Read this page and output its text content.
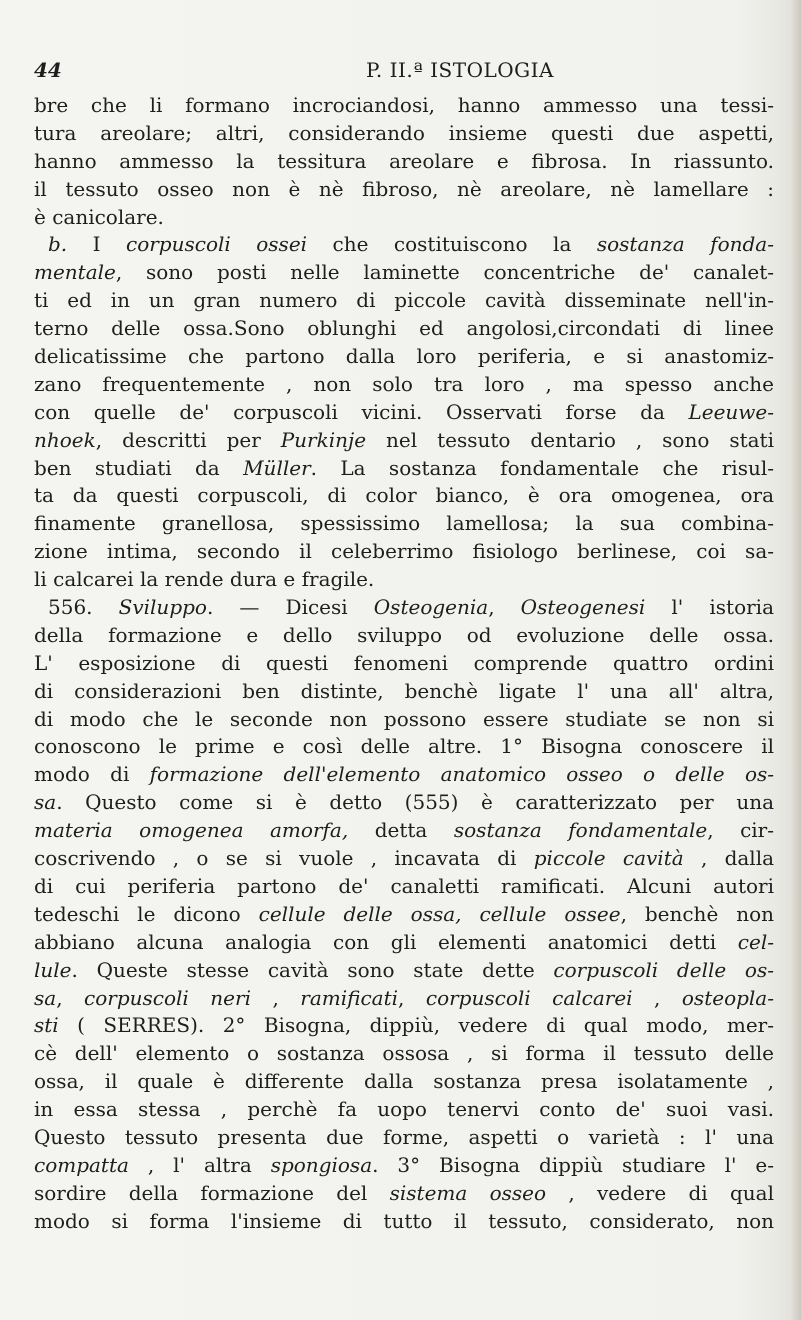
44	P. II.ª ISTOLOGIA
bre che li formano incrociandosi, hanno ammesso una tessi-
tura areolare; altri, considerando insieme questi due aspetti,
hanno ammesso la tessitura areolare e fibrosa. In riassunto.
il tessuto osseo non è nè fibroso, nè areolare, nè lamellare :
è canicolare.
b. I corpuscoli ossei che costituiscono la sostanza fonda-
mentale, sono posti nelle laminette concentriche de' canalet-
ti ed in un gran numero di piccole cavità disseminate nell'in-
terno delle ossa.Sono oblunghi ed angolosi,circondati di linee
delicatissime che partono dalla loro periferia, e si anastomiz-
zano frequentemente , non solo tra loro , ma spesso anche
con quelle de' corpuscoli vicini. Osservati forse da Leeuwe-
nhoek, descritti per Purkinje nel tessuto dentario , sono stati
ben studiati da Müller. La sostanza fondamentale che risul-
ta da questi corpuscoli, di color bianco, è ora omogenea, ora
finamente granellosa, spessissimo lamellosa; la sua combina-
zione intima, secondo il celeberrimo fisiologo berlinese, coi sa-
li calcarei la rende dura e fragile.
556. Sviluppo. — Dicesi Osteogenia, Osteogenesi l' istoria
della formazione e dello sviluppo od evoluzione delle ossa.
L' esposizione di questi fenomeni comprende quattro ordini
di considerazioni ben distinte, benchè ligate l' una all' altra,
di modo che le seconde non possono essere studiate se non si
conoscono le prime e così delle altre. 1° Bisogna conoscere il
modo di formazione dell'elemento anatomico osseo o delle os-
sa. Questo come si è detto (555) è caratterizzato per una
materia omogenea amorfa, detta sostanza fondamentale, cir-
coscrivendo , o se si vuole , incavata di piccole cavità , dalla
di cui periferia partono de' canaletti ramificati. Alcuni autori
tedeschi le dicono cellule delle ossa, cellule ossee, benchè non
abbiano alcuna analogia con gli elementi anatomici detti cel-
lule. Queste stesse cavità sono state dette corpuscoli delle os-
sa, corpuscoli neri , ramificati, corpuscoli calcarei , osteopla-
sti ( SERRES). 2° Bisogna, dippiù, vedere di qual modo, mer-
cè dell' elemento o sostanza ossosa , si forma il tessuto delle
ossa, il quale è differente dalla sostanza presa isolatamente ,
in essa stessa , perchè fa uopo tenervi conto de' suoi vasi.
Questo tessuto presenta due forme, aspetti o varietà : l' una
compatta , l' altra spongiosa. 3° Bisogna dippiù studiare l' e-
sordire della formazione del sistema osseo , vedere di qual
modo si forma l'insieme di tutto il tessuto, considerato, non
